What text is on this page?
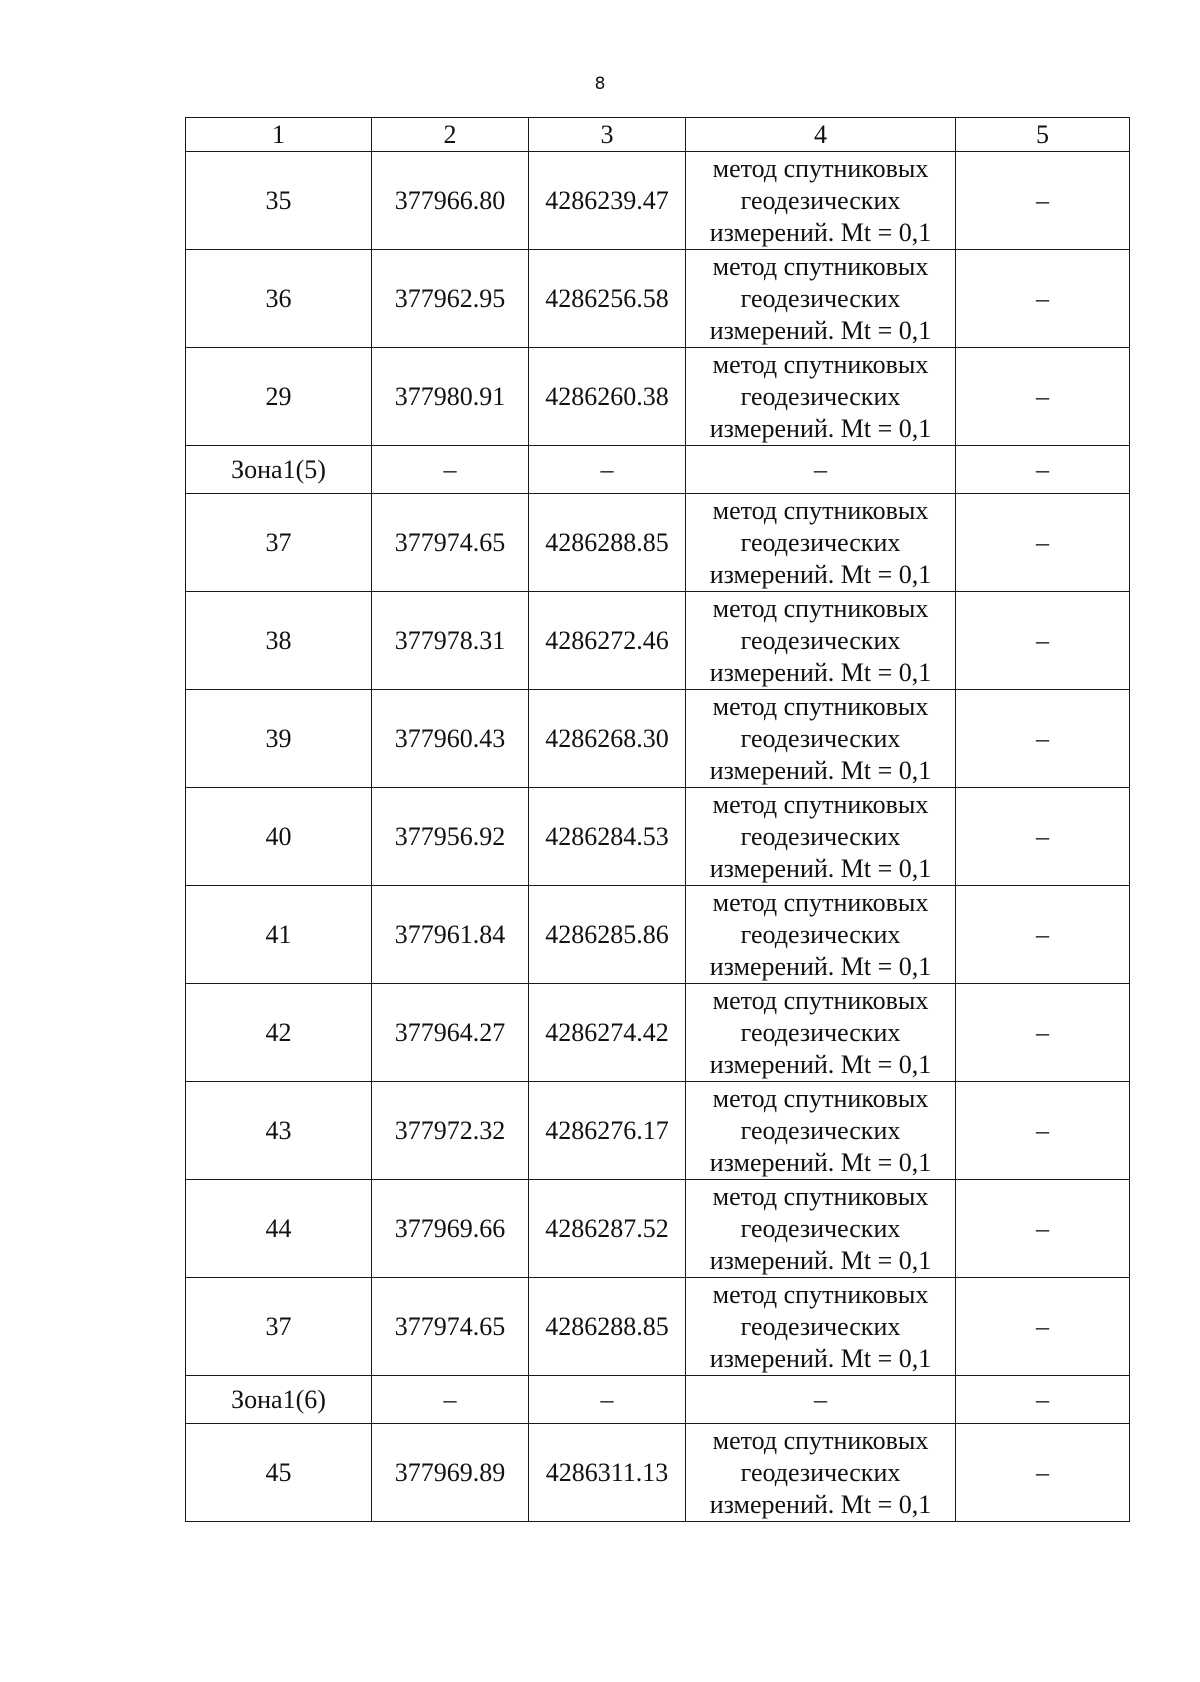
8
1	2	3	4	5
35	377966.80	4286239.47	метод спутниковых
геодезических
измерений. Mt = 0,1	–
36	377962.95	4286256.58	метод спутниковых
геодезических
измерений. Mt = 0,1	–
29	377980.91	4286260.38	метод спутниковых
геодезических
измерений. Mt = 0,1	–
Зона1(5)	–	–	–	–
37	377974.65	4286288.85	метод спутниковых
геодезических
измерений. Mt = 0,1	–
38	377978.31	4286272.46	метод спутниковых
геодезических
измерений. Mt = 0,1	–
39	377960.43	4286268.30	метод спутниковых
геодезических
измерений. Mt = 0,1	–
40	377956.92	4286284.53	метод спутниковых
геодезических
измерений. Mt = 0,1	–
41	377961.84	4286285.86	метод спутниковых
геодезических
измерений. Mt = 0,1	–
42	377964.27	4286274.42	метод спутниковых
геодезических
измерений. Mt = 0,1	–
43	377972.32	4286276.17	метод спутниковых
геодезических
измерений. Mt = 0,1	–
44	377969.66	4286287.52	метод спутниковых
геодезических
измерений. Mt = 0,1	–
37	377974.65	4286288.85	метод спутниковых
геодезических
измерений. Mt = 0,1	–
Зона1(6)	–	–	–	–
45	377969.89	4286311.13	метод спутниковых
геодезических
измерений. Mt = 0,1	–
